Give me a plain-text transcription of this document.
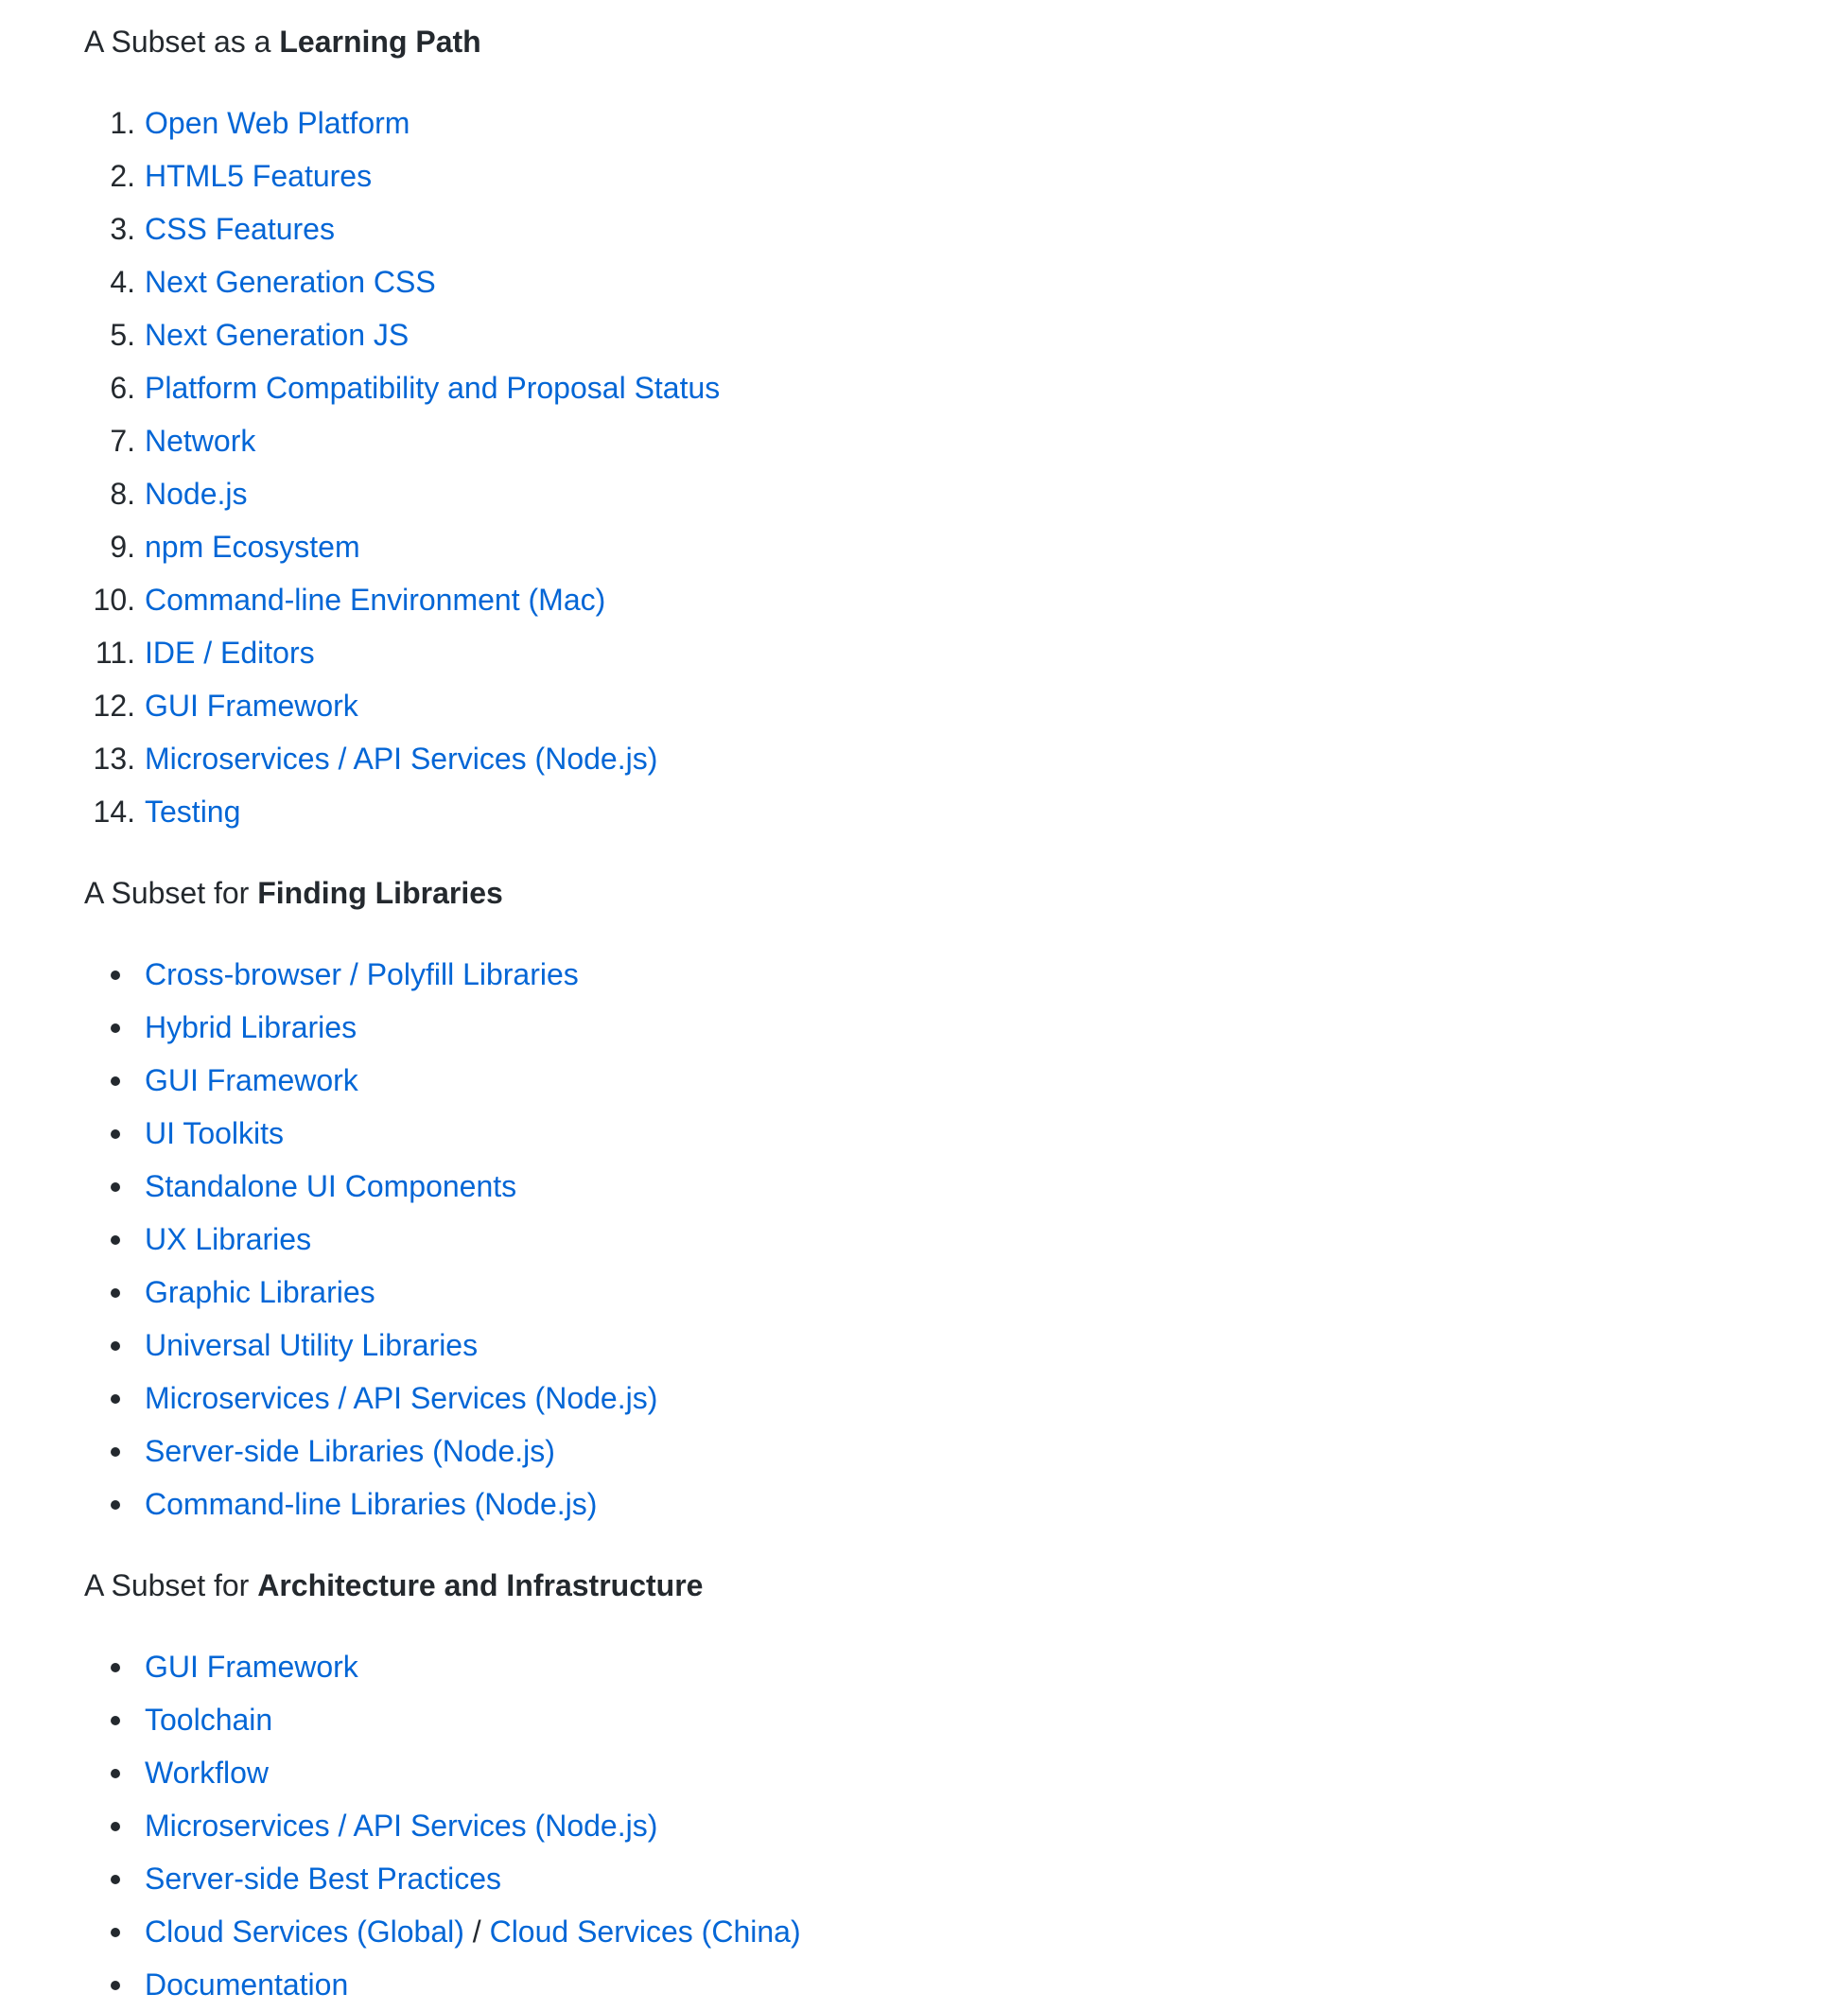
A Subset as a Learning Path
1. Open Web Platform
2. HTML5 Features
3. CSS Features
4. Next Generation CSS
5. Next Generation JS
6. Platform Compatibility and Proposal Status
7. Network
8. Node.js
9. npm Ecosystem
10. Command-line Environment (Mac)
11. IDE / Editors
12. GUI Framework
13. Microservices / API Services (Node.js)
14. Testing
A Subset for Finding Libraries
Cross-browser / Polyfill Libraries
Hybrid Libraries
GUI Framework
UI Toolkits
Standalone UI Components
UX Libraries
Graphic Libraries
Universal Utility Libraries
Microservices / API Services (Node.js)
Server-side Libraries (Node.js)
Command-line Libraries (Node.js)
A Subset for Architecture and Infrastructure
GUI Framework
Toolchain
Workflow
Microservices / API Services (Node.js)
Server-side Best Practices
Cloud Services (Global) / Cloud Services (China)
Documentation
